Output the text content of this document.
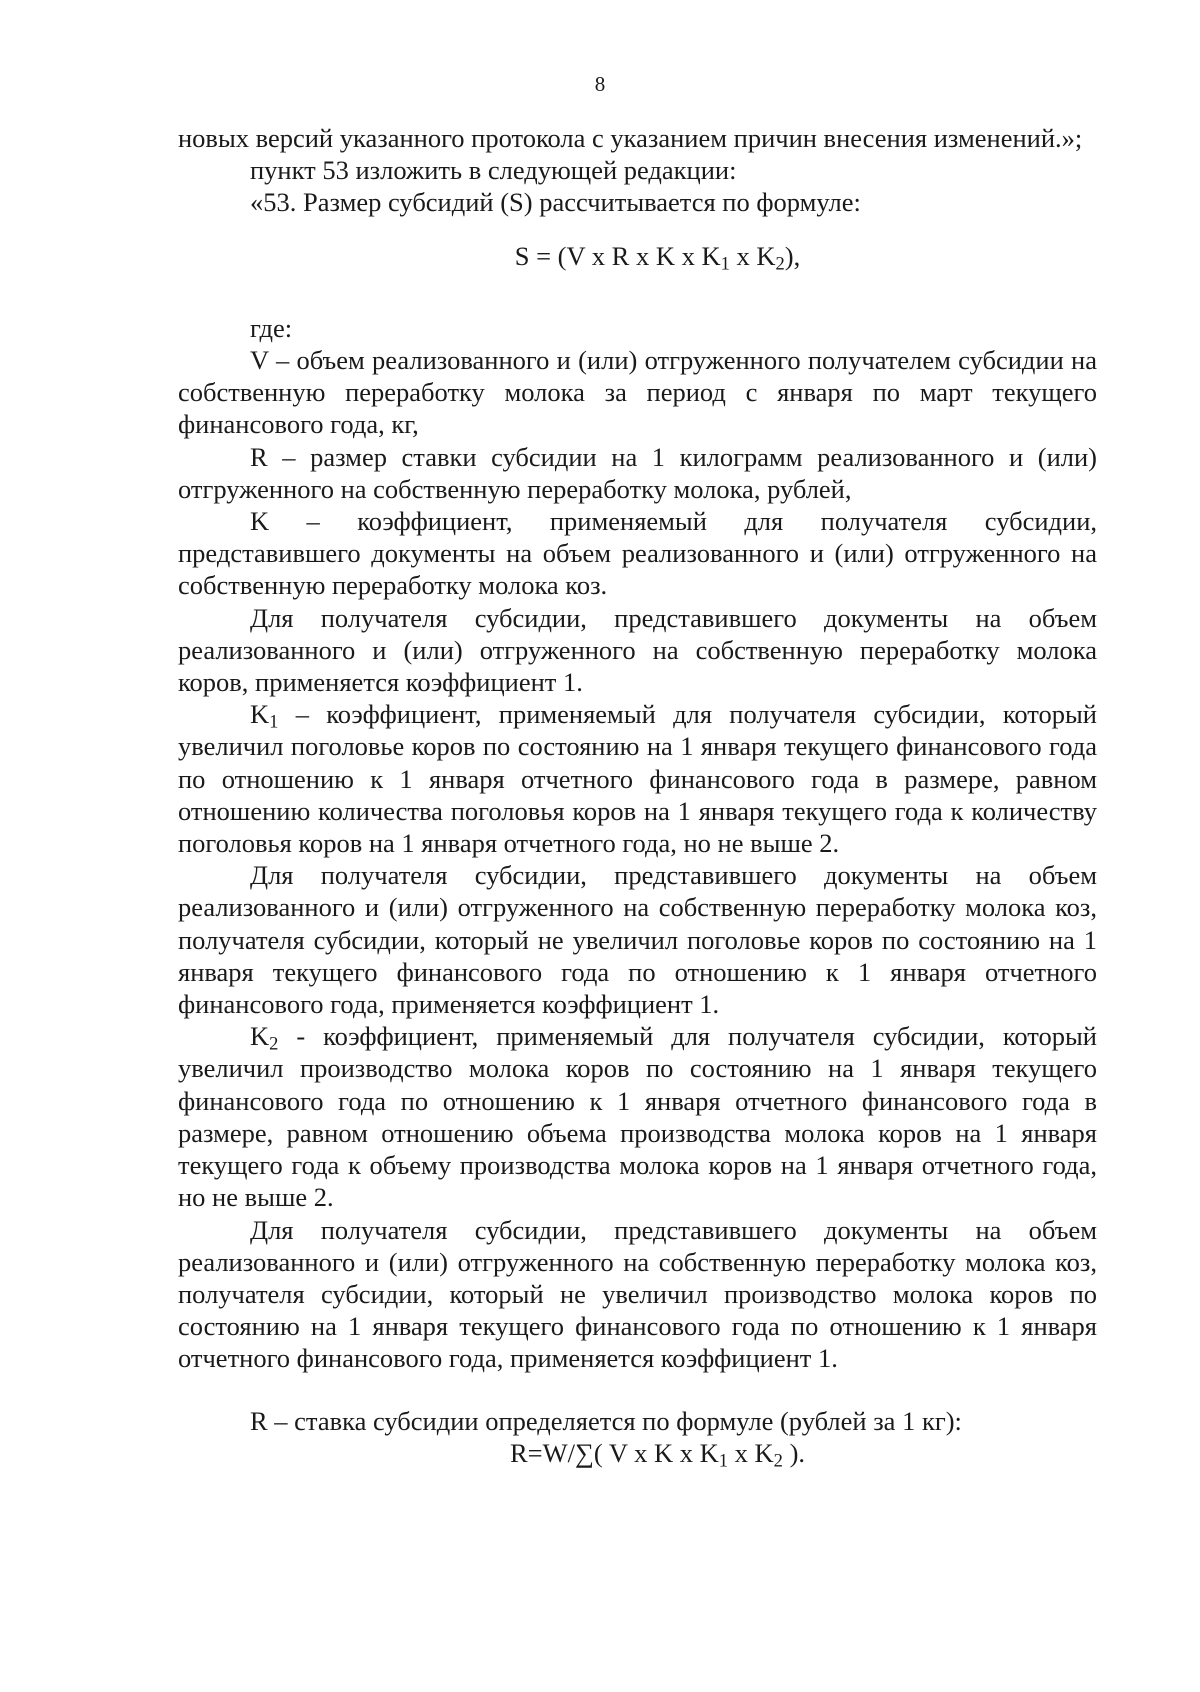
8

новых версий указанного протокола с указанием причин внесения изменений.»;

пункт 53 изложить в следующей редакции:

«53. Размер субсидий (S) рассчитывается по формуле:

S = (V x R x K x $K_1$ x $K_2$),

где:

V – объем реализованного и (или) отгруженного получателем субсидии на собственную переработку молока за период с января по март текущего финансового года, кг,

R – размер ставки субсидии на 1 килограмм реализованного и (или) отгруженного на собственную переработку молока, рублей,

K – коэффициент, применяемый для получателя субсидии, представившего документы на объем реализованного и (или) отгруженного на собственную переработку молока коз.

Для получателя субсидии, представившего документы на объем реализованного и (или) отгруженного на собственную переработку молока коров, применяется коэффициент 1.

$K_1$ – коэффициент, применяемый для получателя субсидии, который увеличил поголовье коров по состоянию на 1 января текущего финансового года по отношению к 1 января отчетного финансового года в размере, равном отношению количества поголовья коров на 1 января текущего года к количеству поголовья коров на 1 января отчетного года, но не выше 2.

Для получателя субсидии, представившего документы на объем реализованного и (или) отгруженного на собственную переработку молока коз, получателя субсидии, который не увеличил поголовье коров по состоянию на 1 января текущего финансового года по отношению к 1 января отчетного финансового года, применяется коэффициент 1.

$K_2$ - коэффициент, применяемый для получателя субсидии, который увеличил производство молока коров по состоянию на 1 января текущего финансового года по отношению к 1 января отчетного финансового года в размере, равном отношению объема производства молока коров на 1 января текущего года к объему производства молока коров на 1 января отчетного года, но не выше 2.

Для получателя субсидии, представившего документы на объем реализованного и (или) отгруженного на собственную переработку молока коз, получателя субсидии, который не увеличил производство молока коров по состоянию на 1 января текущего финансового года по отношению к 1 января отчетного финансового года, применяется коэффициент 1.

R – ставка субсидии определяется по формуле (рублей за 1 кг):

R=W/∑( V x K x $K_1$ x $K_2$ ).
